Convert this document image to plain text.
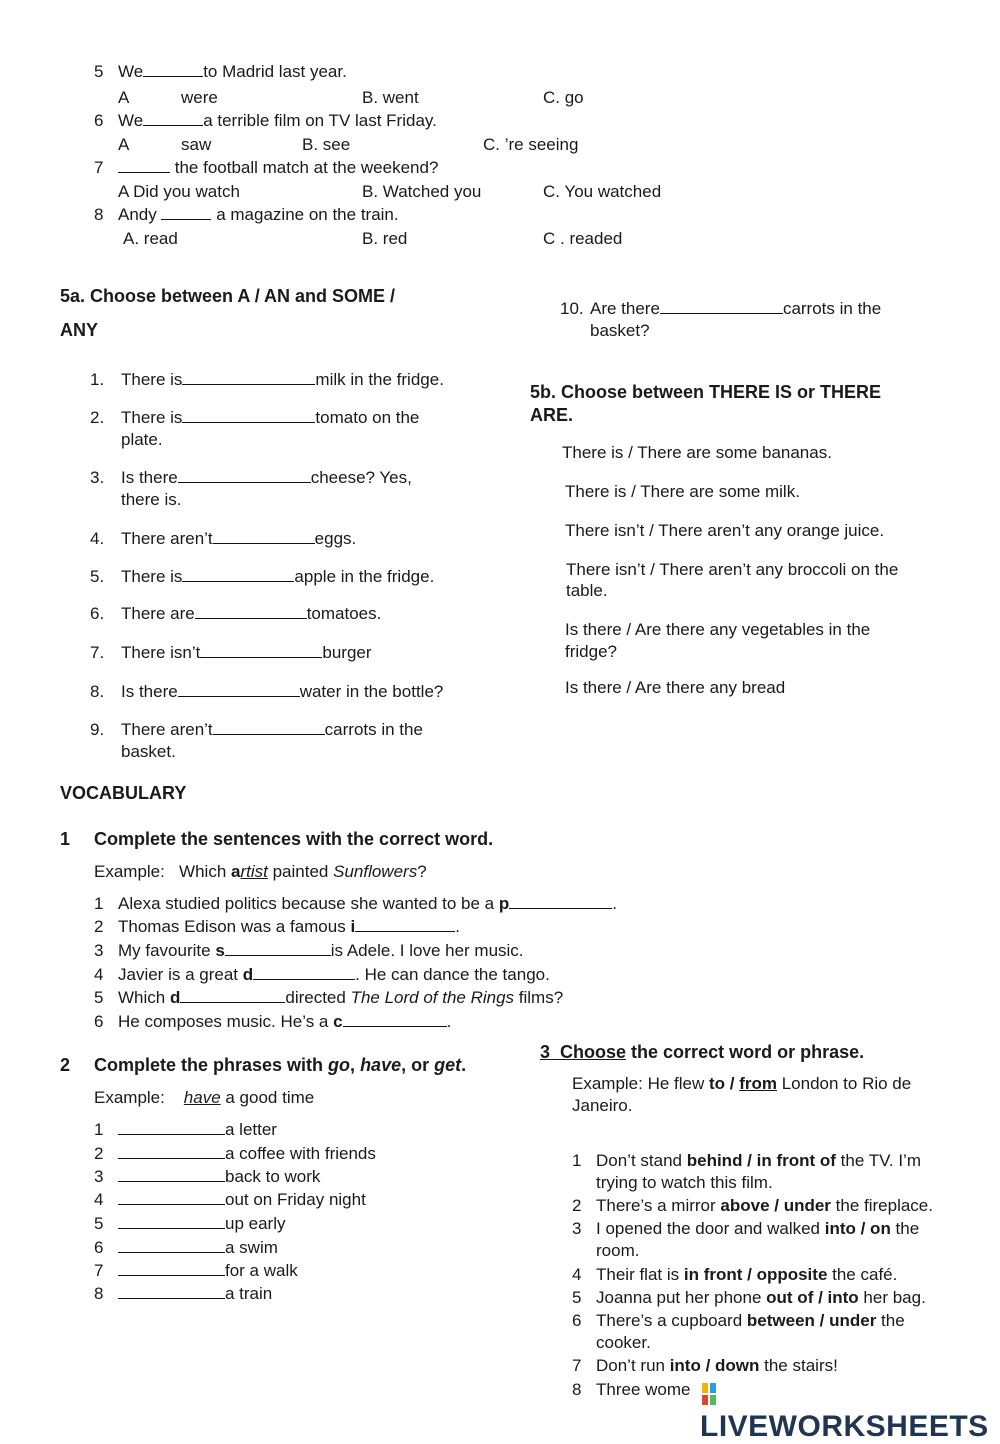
5 We	to Madrid last year.
A	were	B. went	C. go
6 We	a terrible film on TV last Friday.
A	saw	B. see	C. ’re seeing
7	the football match at the weekend?
A Did you watch	B. Watched you	C. You watched
8 Andy	a magazine on the train.
A. read	B. red	C . readed
5a. Choose between A / AN and SOME /
ANY
1. There is	milk in the fridge.
2. There is	tomato on the
plate.
3. Is there	cheese? Yes,
there is.
4. There aren’t	eggs.
5. There is	apple in the fridge.
6. There are	tomatoes.
7. There isn’t	burger
8. Is there	water in the bottle?
9. There aren’t	carrots in the
basket.
10. Are there	carrots in the
basket?
5b. Choose between THERE IS or THERE
ARE.
There is / There are some bananas.
There is / There are some milk.
There isn’t / There aren’t any orange juice.
There isn’t / There aren’t any broccoli on the
table.
Is there / Are there any vegetables in the
fridge?
Is there / Are there any bread
VOCABULARY
1 Complete the sentences with the correct word.
Example: Which artist painted Sunflowers?
1 Alexa studied politics because she wanted to be a p	.
2 Thomas Edison was a famous i	.
3 My favourite s	is Adele. I love her music.
4 Javier is a great d	. He can dance the tango.
5 Which d	directed The Lord of the Rings films?
6 He composes music. He’s a c	.
2 Complete the phrases with go, have, or get.
Example: have a good time
1	a letter
2	a coffee with friends
3	back to work
4	out on Friday night
5	up early
6	a swim
7	for a walk
8	a train
3 Choose the correct word or phrase.
Example: He flew to / from London to Rio de
Janeiro.
1 Don’t stand behind / in front of the TV. I’m
trying to watch this film.
2 There’s a mirror above / under the fireplace.
3 I opened the door and walked into / on the
room.
4 Their flat is in front / opposite the café.
5 Joanna put her phone out of / into her bag.
6 There’s a cupboard between / under the
cooker.
7 Don’t run into / down the stairs!
8 Three wome
LIVEWORKSHEETS
